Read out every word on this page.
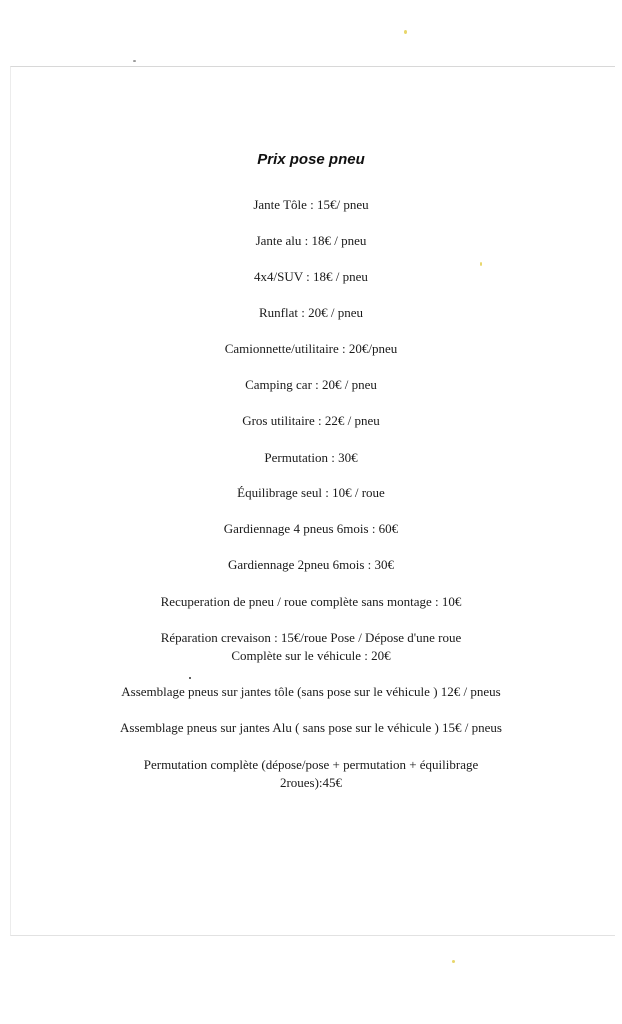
Prix pose pneu
Jante Tôle : 15€/ pneu
Jante alu : 18€ / pneu
4x4/SUV : 18€ / pneu
Runflat : 20€ / pneu
Camionnette/utilitaire : 20€/pneu
Camping car : 20€ / pneu
Gros utilitaire : 22€ / pneu
Permutation : 30€
Équilibrage seul : 10€ / roue
Gardiennage 4 pneus 6mois : 60€
Gardiennage 2pneu 6mois : 30€
Recuperation de pneu / roue complète sans montage : 10€
Réparation crevaison : 15€/roue Pose / Dépose d'une roue
Complète sur le véhicule : 20€
Assemblage pneus sur jantes tôle (sans pose sur le véhicule ) 12€ / pneus
Assemblage pneus sur jantes Alu ( sans pose sur le véhicule ) 15€ / pneus
Permutation complète (dépose/pose + permutation + équilibrage
2roues):45€
